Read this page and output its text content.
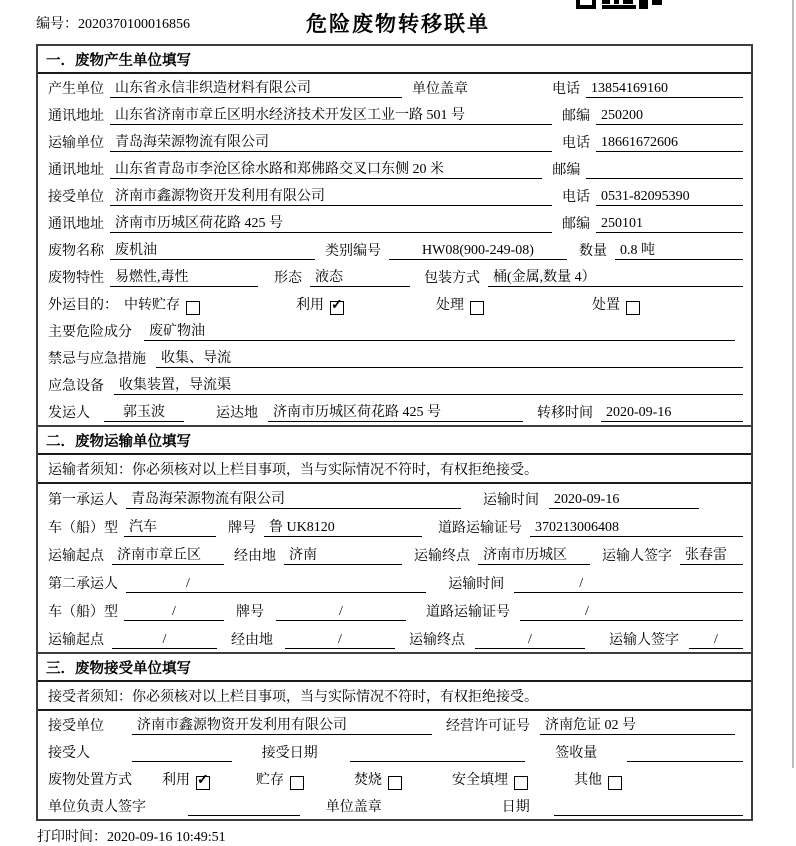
编号：2020370100016856	危险废物转移联单
一．废物产生单位填写
产生单位 山东省永信非织造材料有限公司	单位盖章	电话 13854169160
通讯地址 山东省济南市章丘区明水经济技术开发区工业一路 501 号	邮编 250200
运输单位 青岛海荣源物流有限公司	电话 18661672606
通讯地址 山东省青岛市李沧区徐水路和郑佛路交叉口东侧 20 米	邮编
接受单位 济南市鑫源物资开发利用有限公司	电话 0531-82095390
通讯地址 济南市历城区荷花路 425 号	邮编 250101
废物名称 废机油	类别编号	HW08(900-249-08)	数量 0.8 吨
废物特性 易燃性,毒性	形态 液态	包装方式 桶(金属,数量 4）
外运目的： 中转贮存	利用 ✓	处理	处置
主要危险成分	废矿物油
禁忌与应急措施	收集、导流
应急设备	收集装置，导流渠
发运人	郭玉波	运达地	济南市历城区荷花路 425 号	转移时间 2020-09-16
二．废物运输单位填写
运输者须知：你必须核对以上栏目事项，当与实际情况不符时，有权拒绝接受。
第一承运人 青岛海荣源物流有限公司	运输时间	2020-09-16
车（船）型 汽车	牌号 鲁 UK8120	道路运输证号 370213006408
运输起点 济南市章丘区	经由地 济南	运输终点 济南市历城区	运输人签字 张春雷
第二承运人	/	运输时间	/
车（船）型	/	牌号	/	道路运输证号	/
运输起点	/	经由地	/	运输终点	/	运输人签字	/
三．废物接受单位填写
接受者须知：你必须核对以上栏目事项，当与实际情况不符时，有权拒绝接受。
接受单位	济南市鑫源物资开发利用有限公司	经营许可证号	济南危证 02 号
接受人	接受日期	签收量
废物处置方式 利用 ✓	贮存	焚烧	安全填埋	其他
单位负责人签字	单位盖章	日期
打印时间：2020-09-16 10:49:51
